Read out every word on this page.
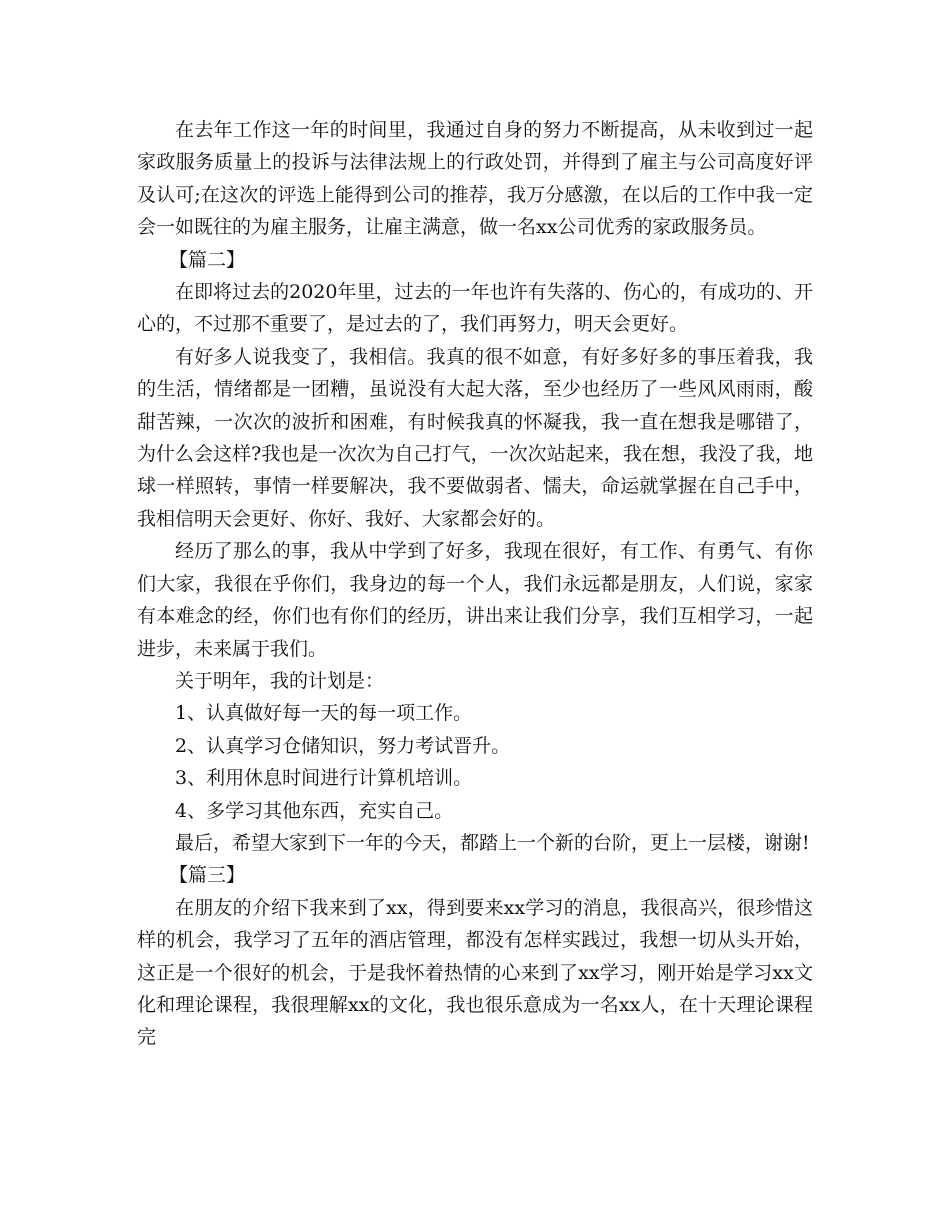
在去年工作这一年的时间里，我通过自身的努力不断提高，从未收到过一起家政服务质量上的投诉与法律法规上的行政处罚，并得到了雇主与公司高度好评及认可;在这次的评选上能得到公司的推荐，我万分感激，在以后的工作中我一定会一如既往的为雇主服务，让雇主满意，做一名xx公司优秀的家政服务员。

【篇二】

在即将过去的2020年里，过去的一年也许有失落的、伤心的，有成功的、开心的，不过那不重要了，是过去的了，我们再努力，明天会更好。

有好多人说我变了，我相信。我真的很不如意，有好多好多的事压着我，我的生活，情绪都是一团糟，虽说没有大起大落，至少也经历了一些风风雨雨，酸甜苦辣，一次次的波折和困难，有时候我真的怀凝我，我一直在想我是哪错了，为什么会这样?我也是一次次为自己打气，一次次站起来，我在想，我没了我，地球一样照转，事情一样要解决，我不要做弱者、懦夫，命运就掌握在自己手中，我相信明天会更好、你好、我好、大家都会好的。

经历了那么的事，我从中学到了好多，我现在很好，有工作、有勇气、有你们大家，我很在乎你们，我身边的每一个人，我们永远都是朋友，人们说，家家有本难念的经，你们也有你们的经历，讲出来让我们分享，我们互相学习，一起进步，未来属于我们。

关于明年，我的计划是：

1、认真做好每一天的每一项工作。

2、认真学习仓储知识，努力考试晋升。

3、利用休息时间进行计算机培训。

4、多学习其他东西，充实自己。

最后，希望大家到下一年的今天，都踏上一个新的台阶，更上一层楼，谢谢!

【篇三】

在朋友的介绍下我来到了xx，得到要来xx学习的消息，我很高兴，很珍惜这样的机会，我学习了五年的酒店管理，都没有怎样实践过，我想一切从头开始，这正是一个很好的机会，于是我怀着热情的心来到了xx学习，刚开始是学习xx文化和理论课程，我很理解xx的文化，我也很乐意成为一名xx人，在十天理论课程完
